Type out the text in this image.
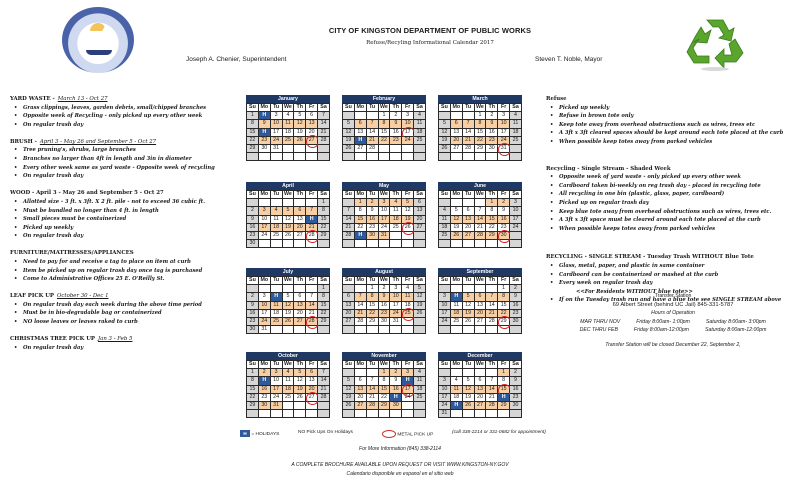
CITY OF KINGSTON DEPARTMENT OF PUBLIC WORKS
Refuse/Recyling Informational Calendar 2017
Joseph A. Chenier, Superintendent	Steven T. Noble, Mayor
YARD WASTE - March 13 - Oct 27
• Grass clippings, leaves, garden debris, small/chipped branches
• Opposite week of Recycling - only picked up every other week
• On regular trash day
BRUSH - April 3 - May 26 and September 5 - Oct 27
• Tree pruning's, shrubs, large branches
• Branches no larger than 4ft in length and 3in in diameter
• Every other week same as yard waste - Opposite week of recycling
• On regular trash day
WOOD - April 3 - May 26 and September 5 - Oct 27
• Allotted size - 3 ft. x 3ft. X 2 ft. pile - not to exceed 36 cubic ft.
• Must be bundled no longer than 4 ft. in length
• Small pieces must be containerized
• Picked up weekly
• On regular trash day
FURNITURE/MATTRESSES/APPLIANCES
• Need to pay for and receive a tag to place on item at curb
• Item be picked up on regular trash day once tag is purchased
• Come to Administrative Offices 25 E. O'Reilly St.
LEAF PICK UP October 30 - Dec 1
• On regular trash day each week during the above time period
• Must be in bio-degradable bag or containerized
• NO loose leaves or leaves raked to curb
CHRISTMAS TREE PICK UP Jan 3 - Feb 5
• On regular trash day
Refuse
• Picked up weekly
• Refuse in brown tote only
• Keep tote away from overhead obstructions such as wires, trees etc
• A 3ft x 3ft cleared spaces should be kept around each tote placed at the curb
• When possible keep totes away from parked vehicles
Recycling - Single Stream - Shaded Week
• Opposite week of yard waste - only picked up every other week
• Cardboard taken bi-weekly on reg trash day - placed in recycling tote
• All recycling in one bin (plastic, glass, paper, cardboard)
• Picked up on regular trash day
• Keep blue tote away from overhead obstructions such as wires, trees etc.
• A 3ft x 3ft space must be cleared around each tote placed at the curb
• When possible keeps totes away from parked vehicles
RECYCLING - SINGLE STREAM - Tuesday Trash WITHOUT Blue Tote
• Glass, metal, paper, and plastic in same container
• Cardboard can be containerized or mashed at the curb
• Every week on regular trash day
<<For Residents WITHOUT blue tote>>
• If on the Tuesday trash run and have a blue tote see SINGLE STREAM above
January
Su	Mo	Tu	We	Th	Fr	Sa
1	H	3	4	5	6	7
8	9	10	11	12	13	14
15	H	17	18	19	20	21
22	23	24	25	26	27	28
29	30	31				

February
Su	Mo	Tu	We	Th	Fr	Sa
			1	2	3	4
5	6	7	8	9	10	11
12	13	14	15	16	17	18
19	H	21	22	23	24	25
26	27	28				

March
Su	Mo	Tu	We	Th	Fr	Sa
			1	2	3	4
5	6	7	8	9	10	11
12	13	14	15	16	17	18
19	20	21	22	23	24	25
26	27	28	29	30	31	

April
Su	Mo	Tu	We	Th	Fr	Sa
						1
2	3	4	5	6	7	8
9	10	11	12	13	H	15
16	17	18	19	20	21	22
23	24	25	26	27	28	29
30						
May
Su	Mo	Tu	We	Th	Fr	Sa
	1	2	3	4	5	6
7	8	9	10	11	12	13
14	15	16	17	18	19	20
21	22	23	24	25	26	27
28	H	30	31			

June
Su	Mo	Tu	We	Th	Fr	Sa
				1	2	3
4	5	6	7	8	9	10
11	12	13	14	15	16	17
18	19	20	21	22	23	24
25	26	27	28	29	30	

July
Su	Mo	Tu	We	Th	Fr	Sa
						1
2	3	H	5	6	7	8
9	10	11	12	13	14	15
16	17	18	19	20	21	22
23	24	25	26	27	28	29
30	31					
August
Su	Mo	Tu	We	Th	Fr	Sa
		1	2	3	4	5
6	7	8	9	10	11	12
13	14	15	16	17	18	19
20	21	22	23	24	25	26
27	28	29	30	31		

September
Su	Mo	Tu	We	Th	Fr	Sa
					1	2
3	H	5	6	7	8	9
10	11	12	13	14	15	16
17	18	19	20	21	22	23
24	25	26	27	28	29	30

October
Su	Mo	Tu	We	Th	Fr	Sa
1	2	3	4	5	6	7
8	H	10	11	12	13	14
15	16	17	18	19	20	21
22	23	24	25	26	27	28
29	30	31				

November
Su	Mo	Tu	We	Th	Fr	Sa
			1	2	3	4
5	6	7	8	9	H	11
12	13	14	15	16	17	18
19	20	21	22	H	24	25
26	27	28	29	30		

December
Su	Mo	Tu	We	Th	Fr	Sa
					1	2
3	4	5	6	7	8	9
10	11	12	13	14	15	16
17	18	19	20	21	H	23
24	H	26	27	28	29	30
31						
Transfer Station
69 Albert Street (behind UC Jail) 845-331-5787
Hours of Operation
MAR THRU NOV	Friday 8:00am- 1:00pm	Saturday 8:00am- 3:00pm
DEC THRU FEB	Friday 8:00am-12:00pm	Saturday 8:00am-12:00pm
Transfer Station will be closed December 22, September 2,
H = HOLIDAYS	NO Pick Ups On Holidays	METAL PICK UP	(call 338-2214 or 331-0682 for appointment)
For More Information (845) 338-2114
A COMPLETE BROCHURE AVAILABLE UPON REQUEST OR VISIT WWW.KINGSTON-NY.GOV
Calendario disponible en espanol en el sitio web
